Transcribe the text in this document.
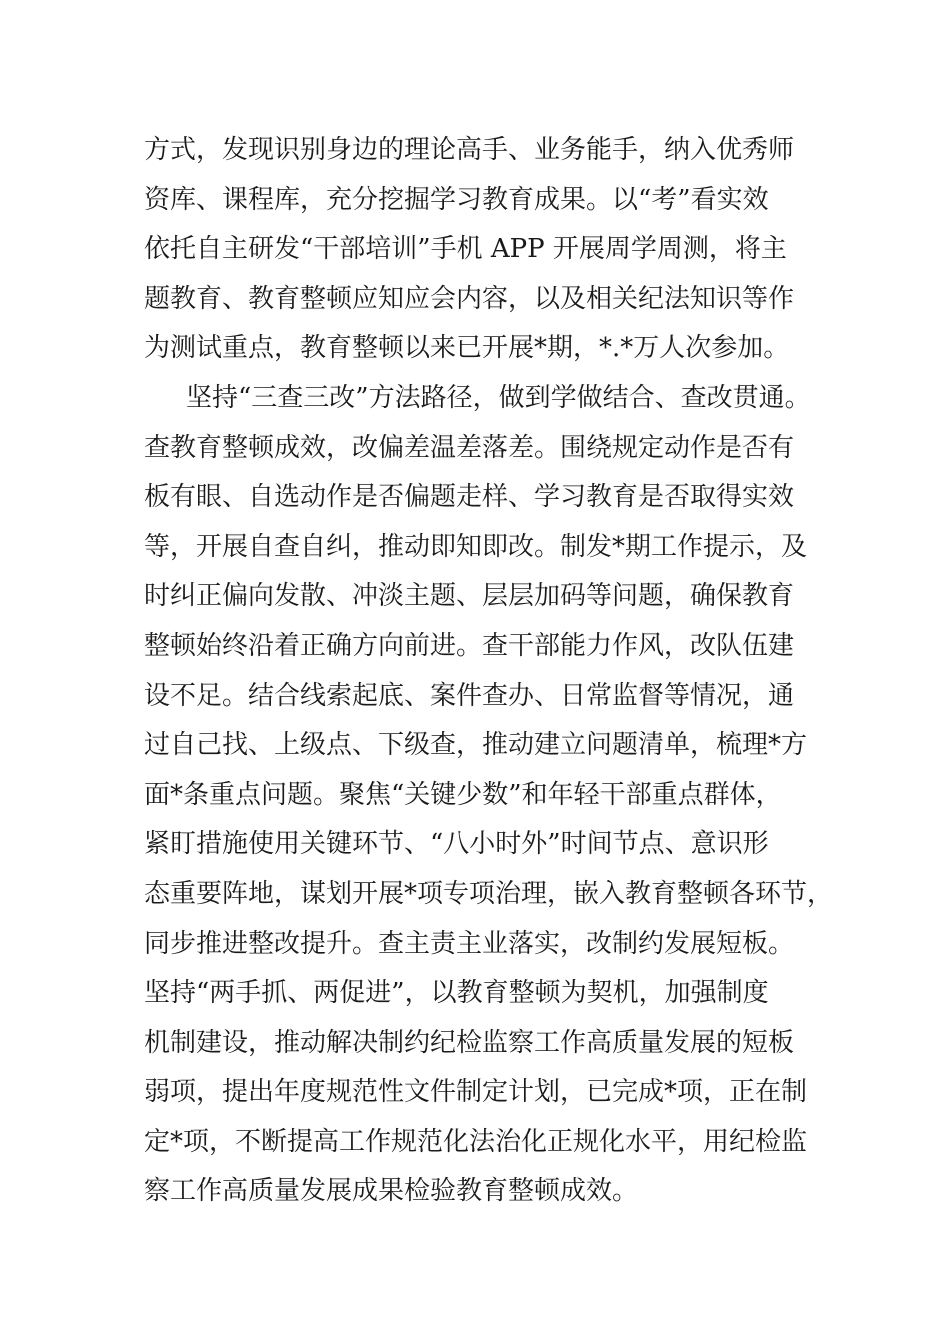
方式，发现识别身边的理论高手、业务能手，纳入优秀师
资库、课程库，充分挖掘学习教育成果。以“考”看实效
依托自主研发“干部培训”手机 APP 开展周学周测，将主
题教育、教育整顿应知应会内容，以及相关纪法知识等作
为测试重点，教育整顿以来已开展*期，*.*万人次参加。
坚持“三查三改”方法路径，做到学做结合、查改贯通。
查教育整顿成效，改偏差温差落差。围绕规定动作是否有
板有眼、自选动作是否偏题走样、学习教育是否取得实效
等，开展自查自纠，推动即知即改。制发*期工作提示，及
时纠正偏向发散、冲淡主题、层层加码等问题，确保教育
整顿始终沿着正确方向前进。查干部能力作风，改队伍建
设不足。结合线索起底、案件查办、日常监督等情况，通
过自己找、上级点、下级查，推动建立问题清单，梳理*方
面*条重点问题。聚焦“关键少数”和年轻干部重点群体，
紧盯措施使用关键环节、“八小时外”时间节点、意识形
态重要阵地，谋划开展*项专项治理，嵌入教育整顿各环节，
同步推进整改提升。查主责主业落实，改制约发展短板。
坚持“两手抓、两促进”，以教育整顿为契机，加强制度
机制建设，推动解决制约纪检监察工作高质量发展的短板
弱项，提出年度规范性文件制定计划，已完成*项，正在制
定*项，不断提高工作规范化法治化正规化水平，用纪检监
察工作高质量发展成果检验教育整顿成效。
